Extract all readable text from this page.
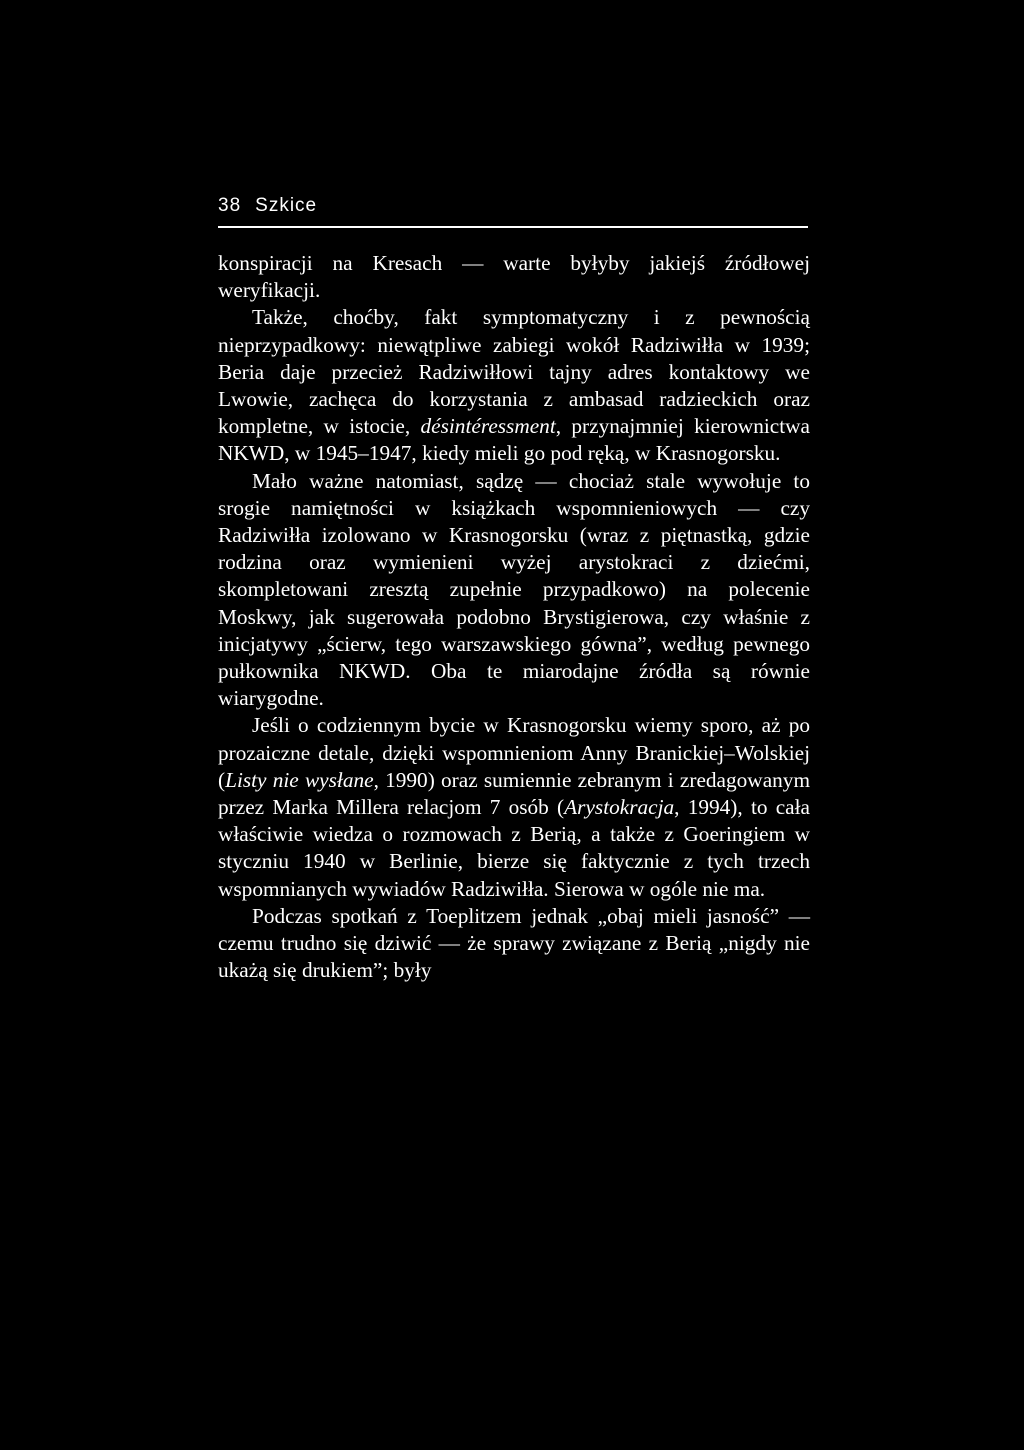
38 Szkice

konspiracji na Kresach — warte byłyby jakiejś źródłowej weryfikacji.

Także, choćby, fakt symptomatyczny i z pewnością nieprzypadkowy: niewątpliwe zabiegi wokół Radziwiłła w 1939; Beria daje przecież Radziwiłłowi tajny adres kontaktowy we Lwowie, zachęca do korzystania z ambasad radzieckich oraz kompletne, w istocie, désintéressment, przynajmniej kierownictwa NKWD, w 1945–1947, kiedy mieli go pod ręką, w Krasnogorsku.

Mało ważne natomiast, sądzę — chociaż stale wywołuje to srogie namiętności w książkach wspomnieniowych — czy Radziwiłła izolowano w Krasnogorsku (wraz z piętnastką, gdzie rodzina oraz wymienieni wyżej arystokraci z dziećmi, skompletowani zresztą zupełnie przypadkowo) na polecenie Moskwy, jak sugerowała podobno Brystigierowa, czy właśnie z inicjatywy „ścierw, tego warszawskiego gówna”, według pewnego pułkownika NKWD. Oba te miarodajne źródła są równie wiarygodne.

Jeśli o codziennym bycie w Krasnogorsku wiemy sporo, aż po prozaiczne detale, dzięki wspomnieniom Anny Branickiej–Wolskiej (Listy nie wysłane, 1990) oraz sumiennie zebranym i zredagowanym przez Marka Millera relacjom 7 osób (Arystokracja, 1994), to cała właściwie wiedza o rozmowach z Berią, a także z Goeringiem w styczniu 1940 w Berlinie, bierze się faktycznie z tych trzech wspomnianych wywiadów Radziwiłła. Sierowa w ogóle nie ma.

Podczas spotkań z Toeplitzem jednak „obaj mieli jasność” — czemu trudno się dziwić — że sprawy związane z Berią „nigdy nie ukażą się drukiem”; były
